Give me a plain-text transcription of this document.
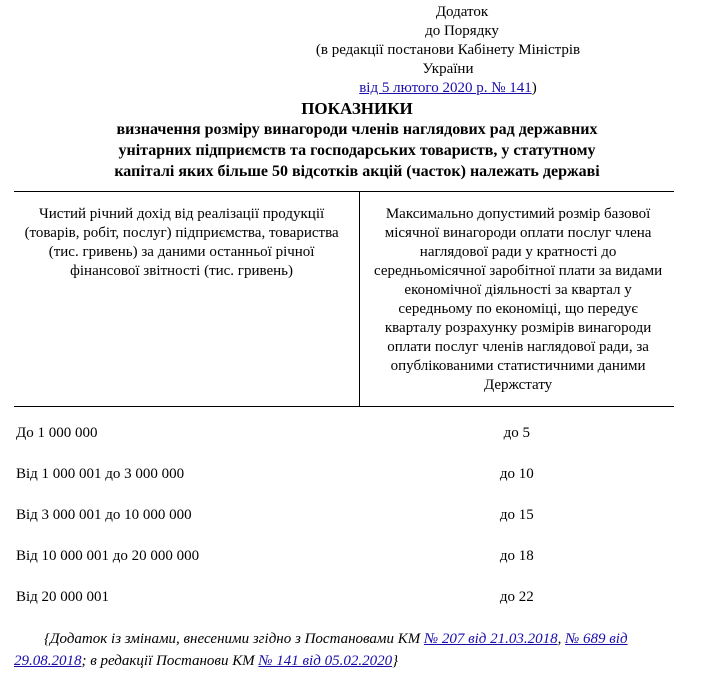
Додаток
до Порядку
(в редакції постанови Кабінету Міністрів України
від 5 лютого 2020 р. № 141)
ПОКАЗНИКИ
визначення розміру винагороди членів наглядових рад державних
унітарних підприємств та господарських товариств, у статутному
капіталі яких більше 50 відсотків акцій (часток) належать державі
Чистий річний дохід від реалізації продукції (товарів, робіт, послуг) підприємства, товариства (тис. гривень) за даними останньої річної фінансової звітності (тис. гривень)	Максимально допустимий розмір базової місячної винагороди оплати послуг члена наглядової ради у кратності до середньомісячної заробітної плати за видами економічної діяльності за квартал у середньому по економіці, що передує кварталу розрахунку розмірів винагороди оплати послуг членів наглядової ради, за опублікованими статистичними даними Держстату
До 1 000 000	до 5
Від 1 000 001 до 3 000 000	до 10
Від 3 000 001 до 10 000 000	до 15
Від 10 000 001 до 20 000 000	до 18
Від 20 000 001	до 22
{Додаток із змінами, внесеними згідно з Постановами КМ № 207 від 21.03.2018, № 689 від 29.08.2018; в редакції Постанови КМ № 141 від 05.02.2020}
